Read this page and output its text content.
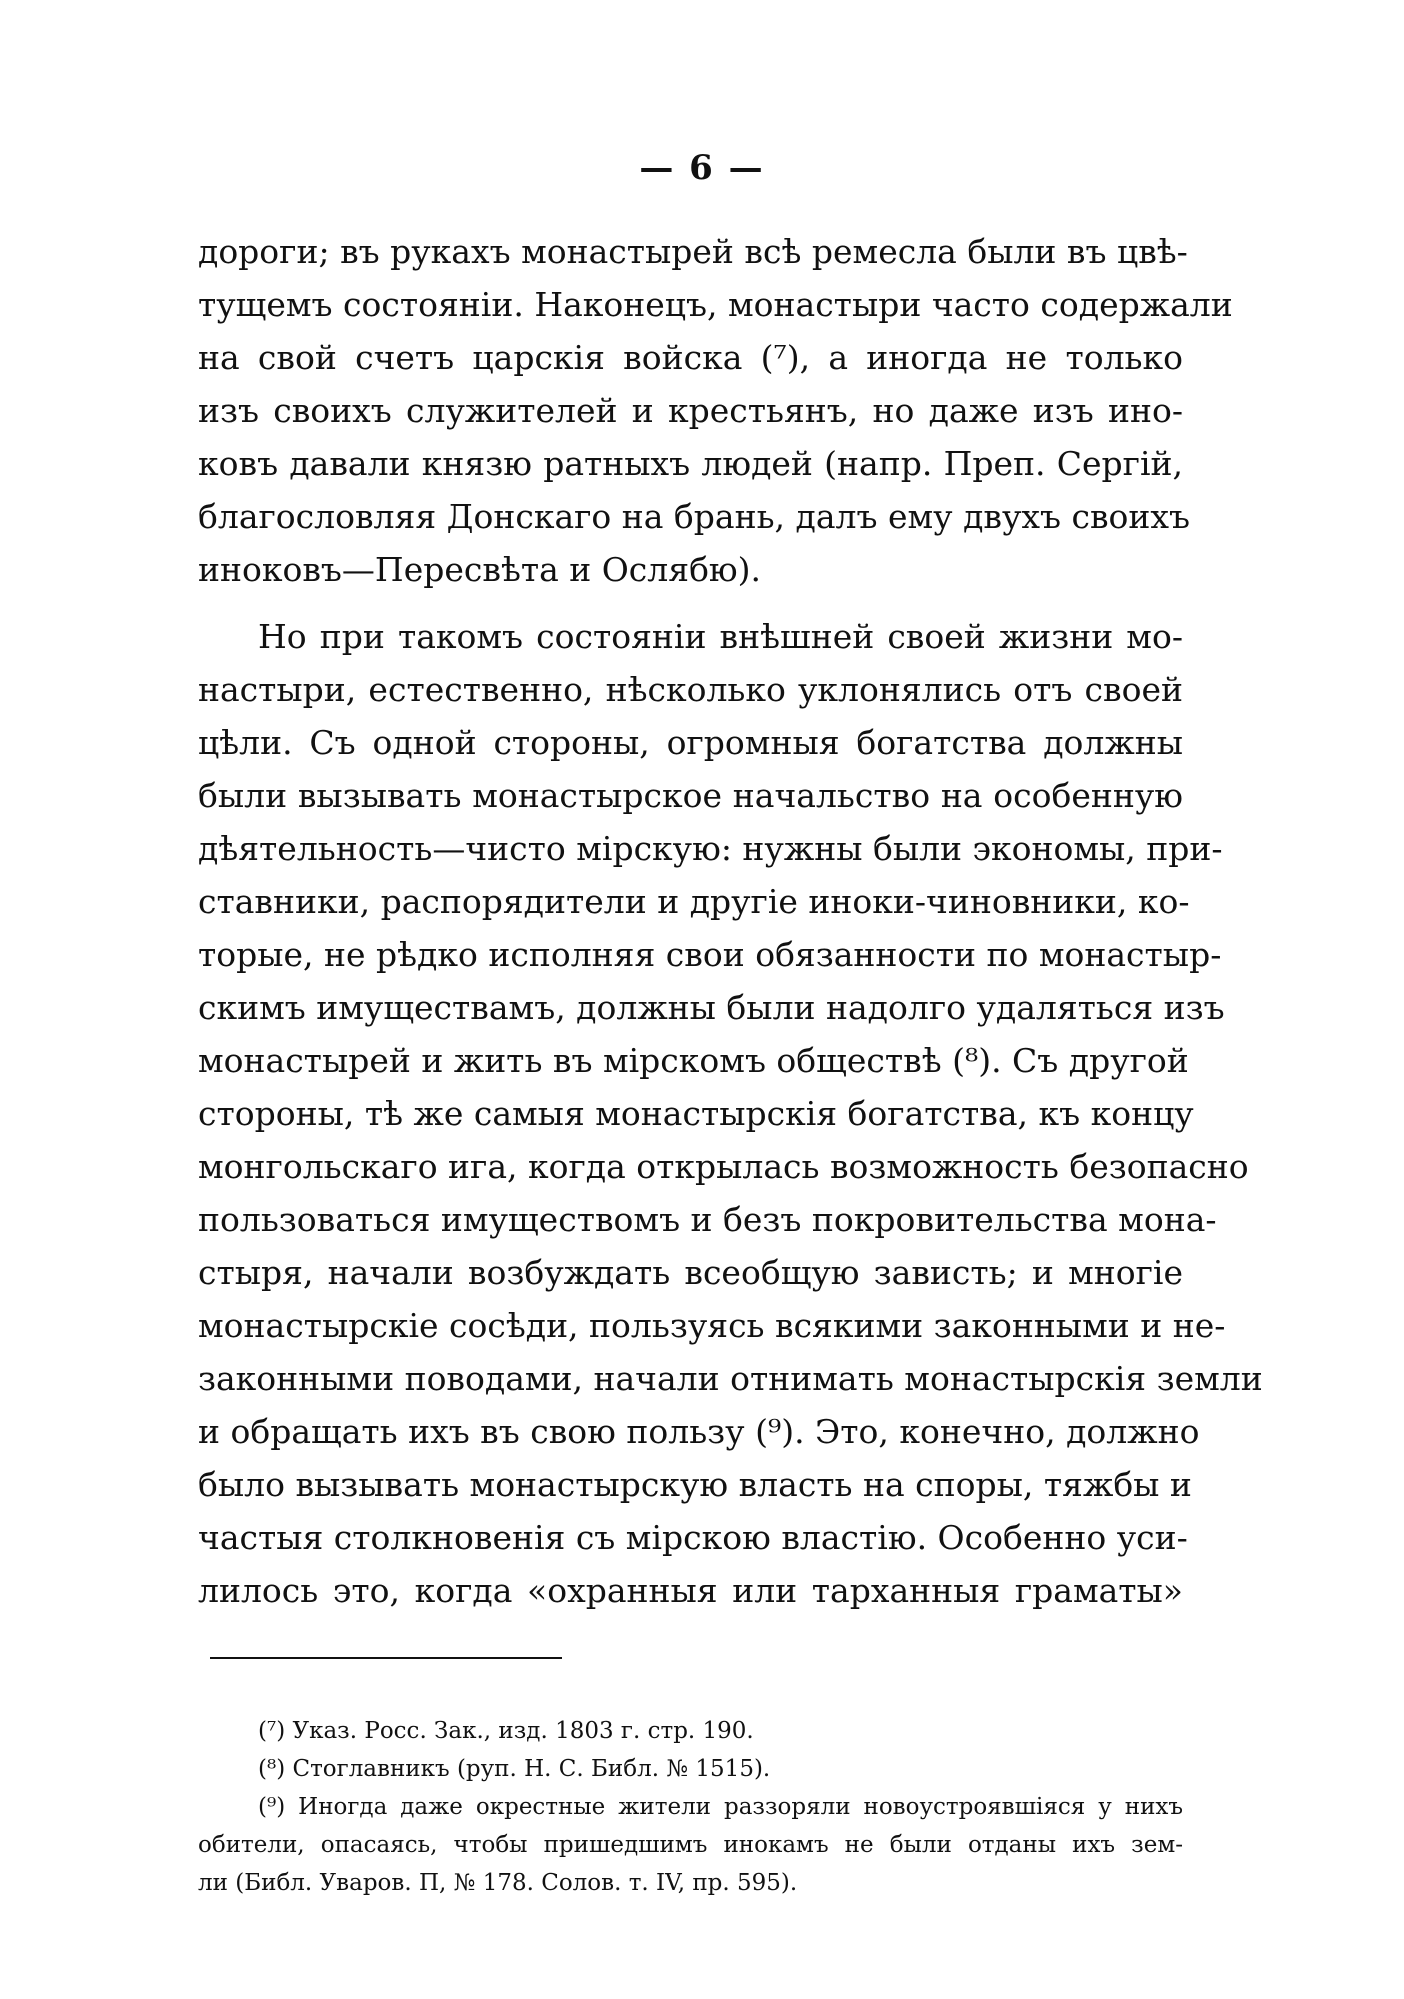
— 6 —
дороги; въ рукахъ монастырей всѣ ремесла были въ цвѣ-
тущемъ состоянiи. Наконецъ, монастыри часто содержали
на свой счетъ царскiя войска (⁷), а иногда не только
изъ своихъ служителей и крестьянъ, но даже изъ ино-
ковъ давали князю ратныхъ людей (напр. Преп. Сергiй,
благословляя Донскаго на брань, далъ ему двухъ своихъ
иноковъ—Пересвѣта и Ослябю).
Но при такомъ состоянiи внѣшней своей жизни мо-
настыри, естественно, нѣсколько уклонялись отъ своей
цѣли. Съ одной стороны, огромныя богатства должны
были вызывать монастырское начальство на особенную
дѣятельность—чисто мiрскую: нужны были экономы, при-
ставники, распорядители и другiе иноки-чиновники, ко-
торые, не рѣдко исполняя свои обязанности по монастыр-
скимъ имуществамъ, должны были надолго удаляться изъ
монастырей и жить въ мiрскомъ обществѣ (⁸). Съ другой
стороны, тѣ же самыя монастырскiя богатства, къ концу
монгольскаго ига, когда открылась возможность безопасно
пользоваться имуществомъ и безъ покровительства мона-
стыря, начали возбуждать всеобщую зависть; и многiе
монастырскiе сосѣди, пользуясь всякими законными и не-
законными поводами, начали отнимать монастырскiя земли
и обращать ихъ въ свою пользу (⁹). Это, конечно, должно
было вызывать монастырскую власть на споры, тяжбы и
частыя столкновенiя съ мiрскою властiю. Особенно уси-
лилось это, когда «охранныя или тарханныя граматы»
(⁷) Указ. Росс. Зак., изд. 1803 г. стр. 190.
(⁸) Стоглавникъ (руп. Н. С. Библ. № 1515).
(⁹) Иногда даже окрестные жители раззоряли новоустроявшiяся у нихъ
обители, опасаясь, чтобы пришедшимъ инокамъ не были отданы ихъ зем-
ли (Библ. Уваров. П, № 178. Солов. т. IV, пр. 595).
